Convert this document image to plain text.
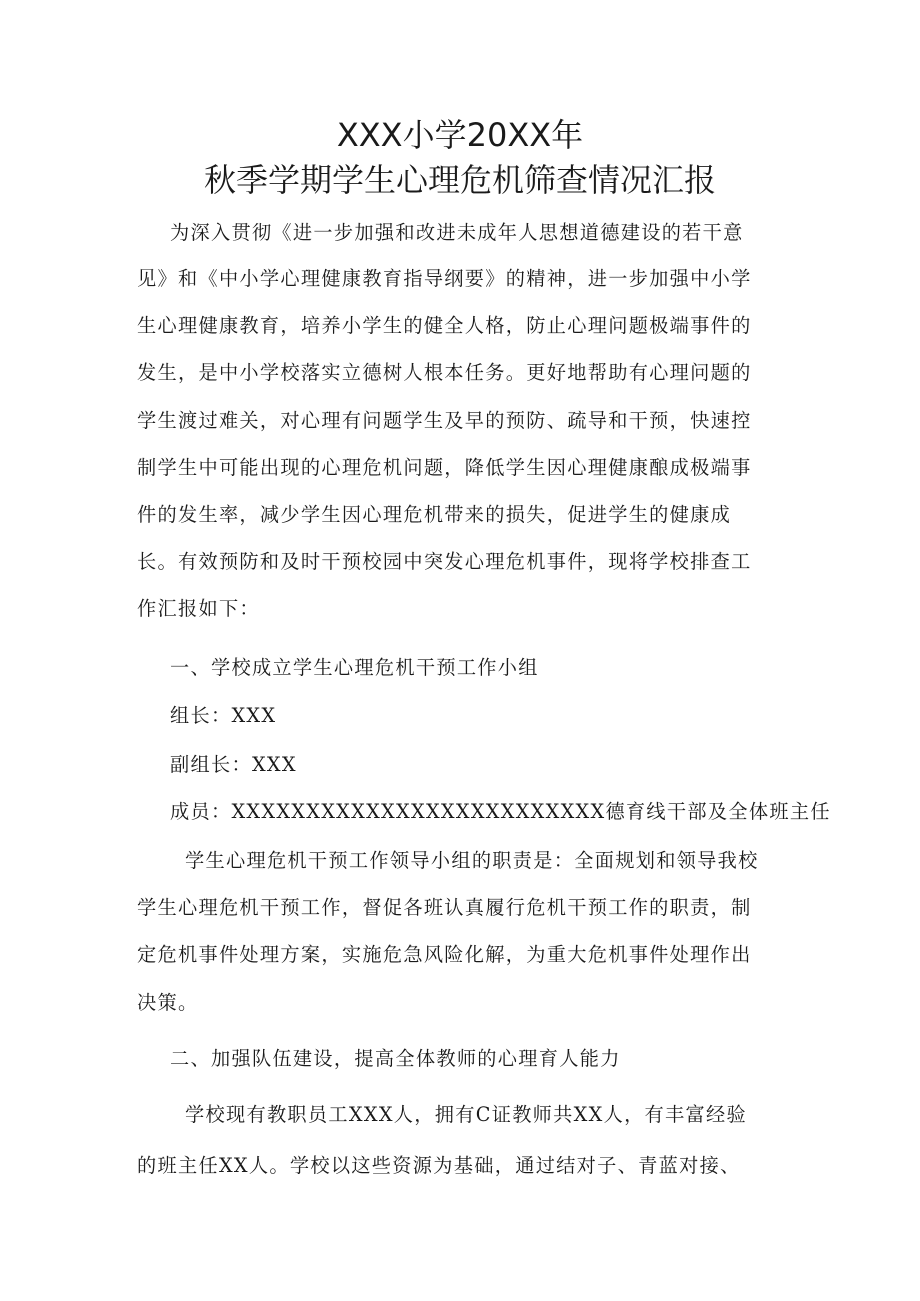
XXX小学20XX年
秋季学期学生心理危机筛查情况汇报
为深入贯彻《进一步加强和改进未成年人思想道德建设的若干意
见》和《中小学心理健康教育指导纲要》的精神，进一步加强中小学
生心理健康教育，培养小学生的健全人格，防止心理问题极端事件的
发生，是中小学校落实立德树人根本任务。更好地帮助有心理问题的
学生渡过难关，对心理有问题学生及早的预防、疏导和干预，快速控
制学生中可能出现的心理危机问题，降低学生因心理健康酿成极端事
件的发生率，减少学生因心理危机带来的损失，促进学生的健康成
长。有效预防和及时干预校园中突发心理危机事件，现将学校排查工
作汇报如下：
一、学校成立学生心理危机干预工作小组
组长：XXX
副组长：XXX
成员：XXXXXXXXXXXXXXXXXXXXXXXXX德育线干部及全体班主任
学生心理危机干预工作领导小组的职责是：全面规划和领导我校
学生心理危机干预工作，督促各班认真履行危机干预工作的职责，制
定危机事件处理方案，实施危急风险化解，为重大危机事件处理作出
决策。
二、加强队伍建设，提高全体教师的心理育人能力
学校现有教职员工XXX人，拥有C证教师共XX人，有丰富经验
的班主任XX人。学校以这些资源为基础，通过结对子、青蓝对接、
